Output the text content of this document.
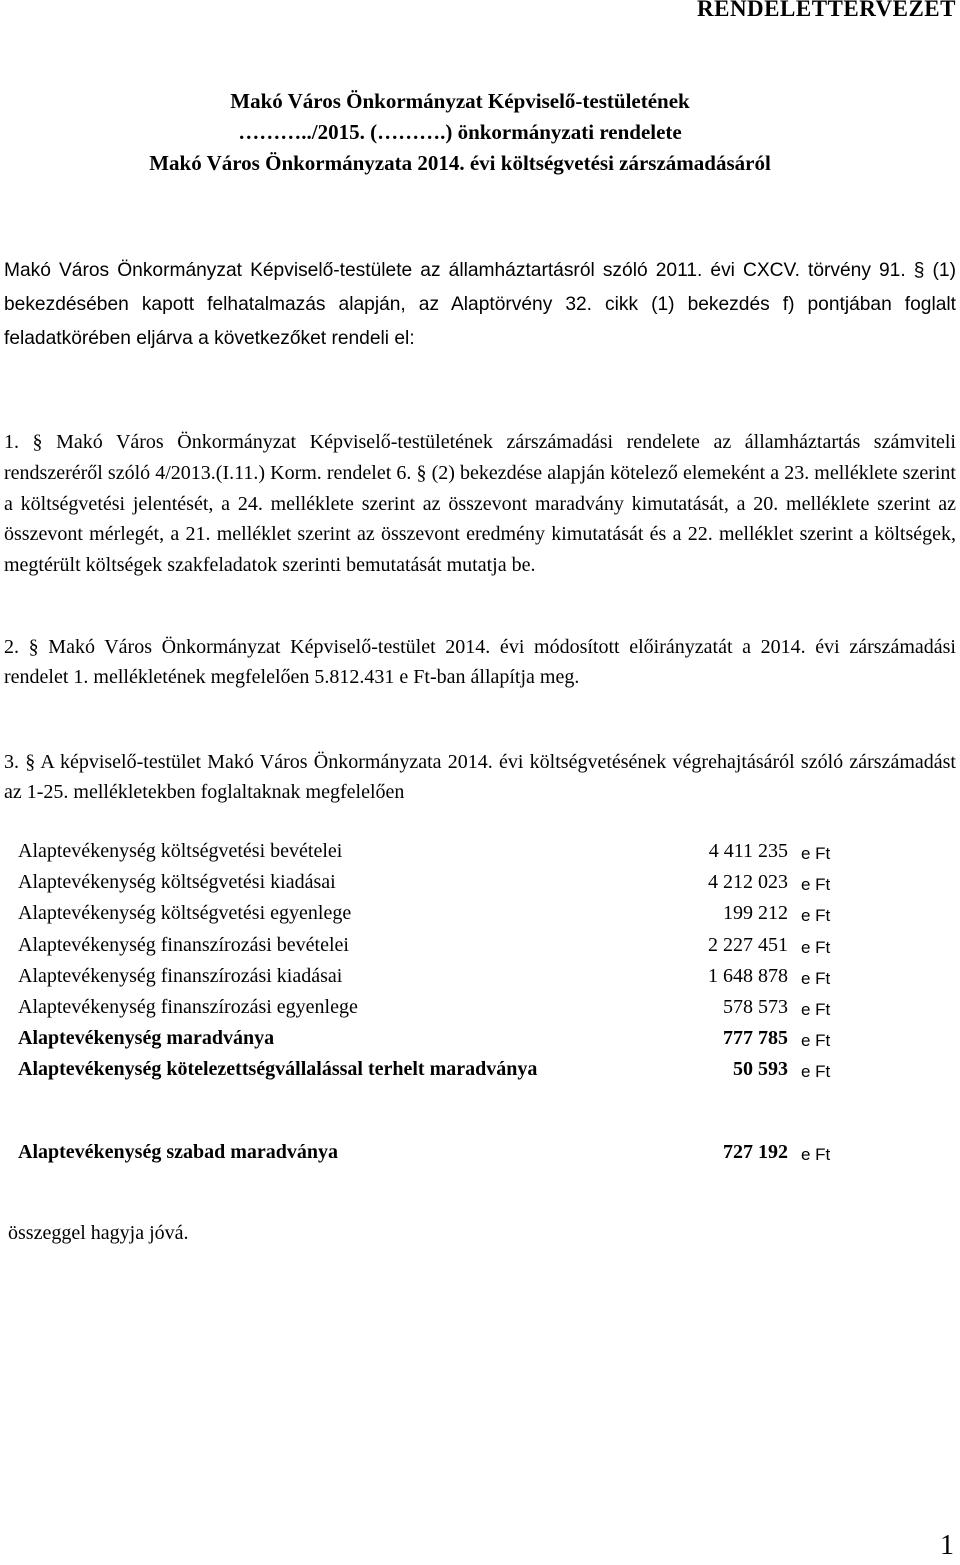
RENDELETTERVEZET
Makó Város Önkormányzat Képviselő-testületének
………../2015. (……….) önkormányzati rendelete
Makó Város Önkormányzata 2014. évi költségvetési zárszámadásáról
Makó Város Önkormányzat Képviselő-testülete az államháztartásról szóló 2011. évi CXCV. törvény 91. § (1) bekezdésében kapott felhatalmazás alapján, az Alaptörvény 32. cikk (1) bekezdés f) pontjában foglalt feladatkörében eljárva a következőket rendeli el:
1. § Makó Város Önkormányzat Képviselő-testületének zárszámadási rendelete az államháztartás számviteli rendszeréről szóló 4/2013.(I.11.) Korm. rendelet 6. § (2) bekezdése alapján kötelező elemeként a 23. melléklete szerint a költségvetési jelentését, a 24. melléklete szerint az összevont maradvány kimutatását, a 20. melléklete szerint az összevont mérlegét, a 21. melléklet szerint az összevont eredmény kimutatását és a 22. melléklet szerint a költségek, megtérült költségek szakfeladatok szerinti bemutatását mutatja be.
2. § Makó Város Önkormányzat Képviselő-testület 2014. évi módosított előirányzatát a 2014. évi zárszámadási rendelet 1. mellékletének megfelelően 5.812.431 e Ft-ban állapítja meg.
3. § A képviselő-testület Makó Város Önkormányzata 2014. évi költségvetésének végrehajtásáról szóló zárszámadást az 1-25. mellékletekben foglaltaknak megfelelően
Alaptevékenység költségvetési bevételei	4 411 235 e Ft
Alaptevékenység költségvetési kiadásai	4 212 023 e Ft
Alaptevékenység költségvetési egyenlege	199 212 e Ft
Alaptevékenység finanszírozási bevételei	2 227 451 e Ft
Alaptevékenység finanszírozási kiadásai	1 648 878 e Ft
Alaptevékenység finanszírozási egyenlege	578 573 e Ft
Alaptevékenység maradványa	777 785 e Ft
Alaptevékenység kötelezettségvállalással terhelt maradványa	50 593 e Ft
Alaptevékenység szabad maradványa	727 192 e Ft
összeggel hagyja jóvá.
1
